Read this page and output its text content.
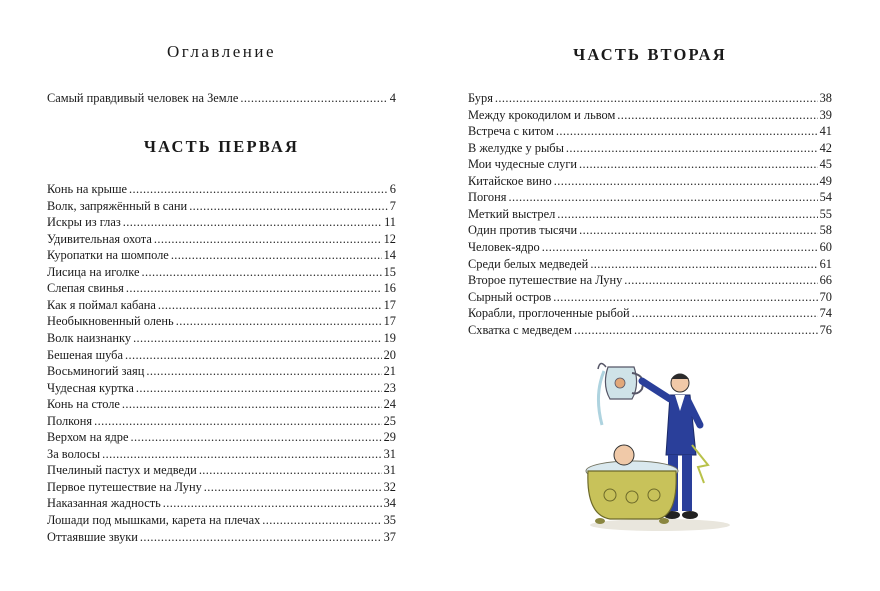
Оглавление
Самый правдивый человек на Земле .....	4
ЧАСТЬ ПЕРВАЯ
Конь на крыше .....	6
Волк, запряжённый в сани .....	7
Искры из глаз .....	11
Удивительная охота .....	12
Куропатки на шомполе .....	14
Лисица на иголке .....	15
Слепая свинья .....	16
Как я поймал кабана .....	17
Необыкновенный олень .....	17
Волк наизнанку .....	19
Бешеная шуба .....	20
Восьминогий заяц .....	21
Чудесная куртка .....	23
Конь на столе .....	24
Полконя .....	25
Верхом на ядре .....	29
За волосы .....	31
Пчелиный пастух и медведи .....	31
Первое путешествие на Луну .....	32
Наказанная жадность .....	34
Лошади под мышками, карета на плечах .....	35
Оттаявшие звуки .....	37
ЧАСТЬ ВТОРАЯ
Буря .....	38
Между крокодилом и львом .....	39
Встреча с китом .....	41
В желудке у рыбы .....	42
Мои чудесные слуги .....	45
Китайское вино .....	49
Погоня .....	54
Меткий выстрел .....	55
Один против тысячи .....	58
Человек-ядро .....	60
Среди белых медведей .....	61
Второе путешествие на Луну .....	66
Сырный остров .....	70
Корабли, проглоченные рыбой .....	74
Схватка с медведем .....	76
